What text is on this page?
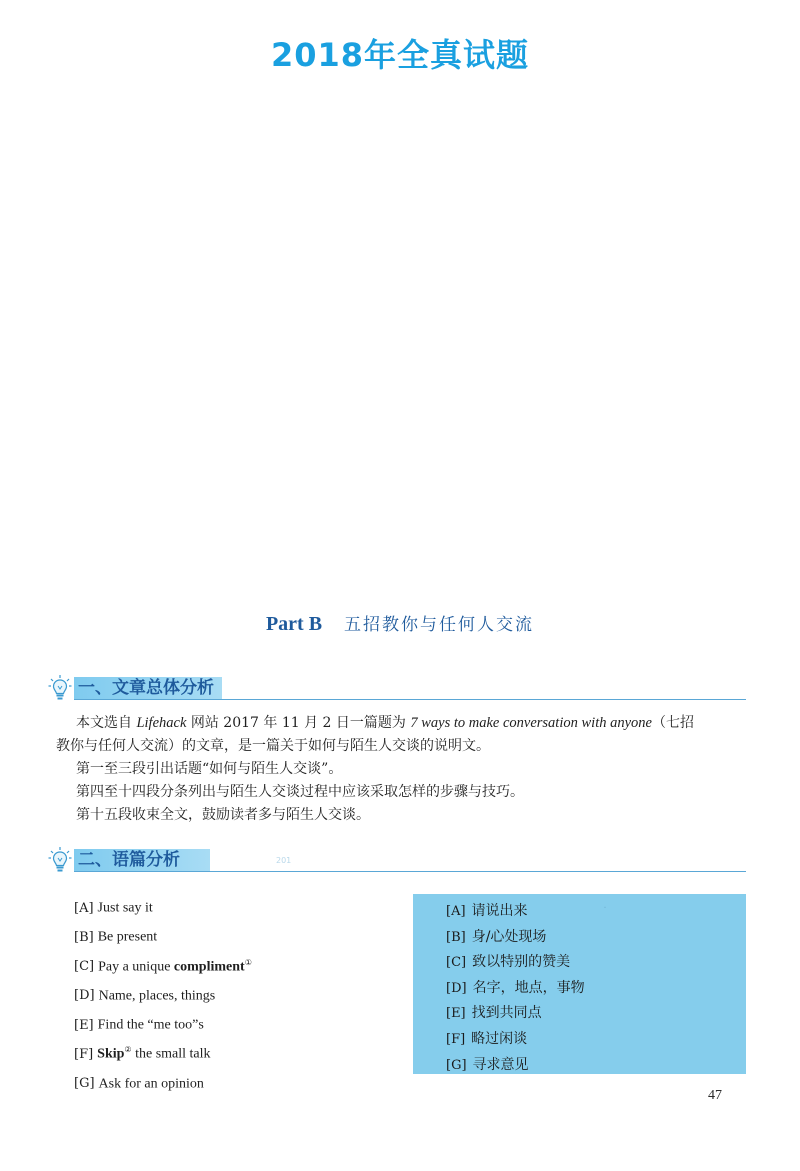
2018年全真试题
Part B 五招教你与任何人交流
一、文章总体分析

本文选自 Lifehack 网站 2017 年 11 月 2 日一篇题为 7 ways to make conversation with anyone（七招

教你与任何人交流）的文章，是一篇关于如何与陌生人交谈的说明文。

第一至三段引出话题“如何与陌生人交谈”。

第四至十四段分条列出与陌生人交谈过程中应该采取怎样的步骤与技巧。

第十五段收束全文，鼓励读者多与陌生人交谈。

二、语篇分析	201
[A] Just say it
[B] Be present
[C] Pay a unique compliment①
[D] Name, places, things
[E] Find the “me too”s
[F] Skip② the small talk
[G] Ask for an opinion
·
[A] 请说出来
[B] 身/心处现场
[C] 致以特别的赞美
[D] 名字，地点，事物
[E] 找到共同点
[F] 略过闲谈
[G] 寻求意见
47
